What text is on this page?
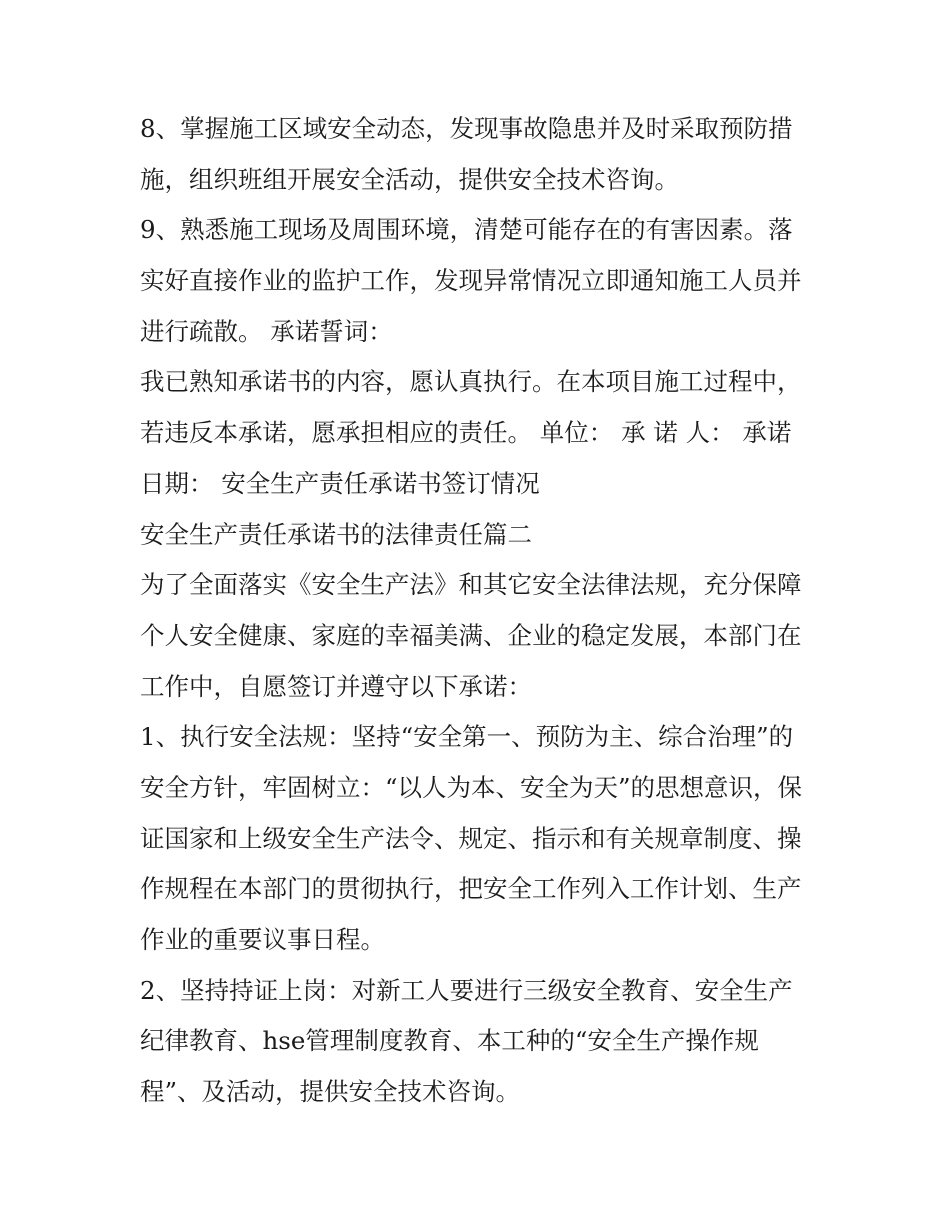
8、掌握施工区域安全动态，发现事故隐患并及时采取预防措
施，组织班组开展安全活动，提供安全技术咨询。
9、熟悉施工现场及周围环境，清楚可能存在的有害因素。落
实好直接作业的监护工作，发现异常情况立即通知施工人员并
进行疏散。 承诺誓词：
我已熟知承诺书的内容，愿认真执行。在本项目施工过程中，
若违反本承诺，愿承担相应的责任。 单位： 承 诺 人： 承诺
日期： 安全生产责任承诺书签订情况
安全生产责任承诺书的法律责任篇二
为了全面落实《安全生产法》和其它安全法律法规，充分保障
个人安全健康、家庭的幸福美满、企业的稳定发展，本部门在
工作中，自愿签订并遵守以下承诺：
1、执行安全法规：坚持“安全第一、预防为主、综合治理”的
安全方针，牢固树立：“以人为本、安全为天”的思想意识，保
证国家和上级安全生产法令、规定、指示和有关规章制度、操
作规程在本部门的贯彻执行，把安全工作列入工作计划、生产
作业的重要议事日程。
2、坚持持证上岗：对新工人要进行三级安全教育、安全生产
纪律教育、hse管理制度教育、本工种的“安全生产操作规
程”、及活动，提供安全技术咨询。
